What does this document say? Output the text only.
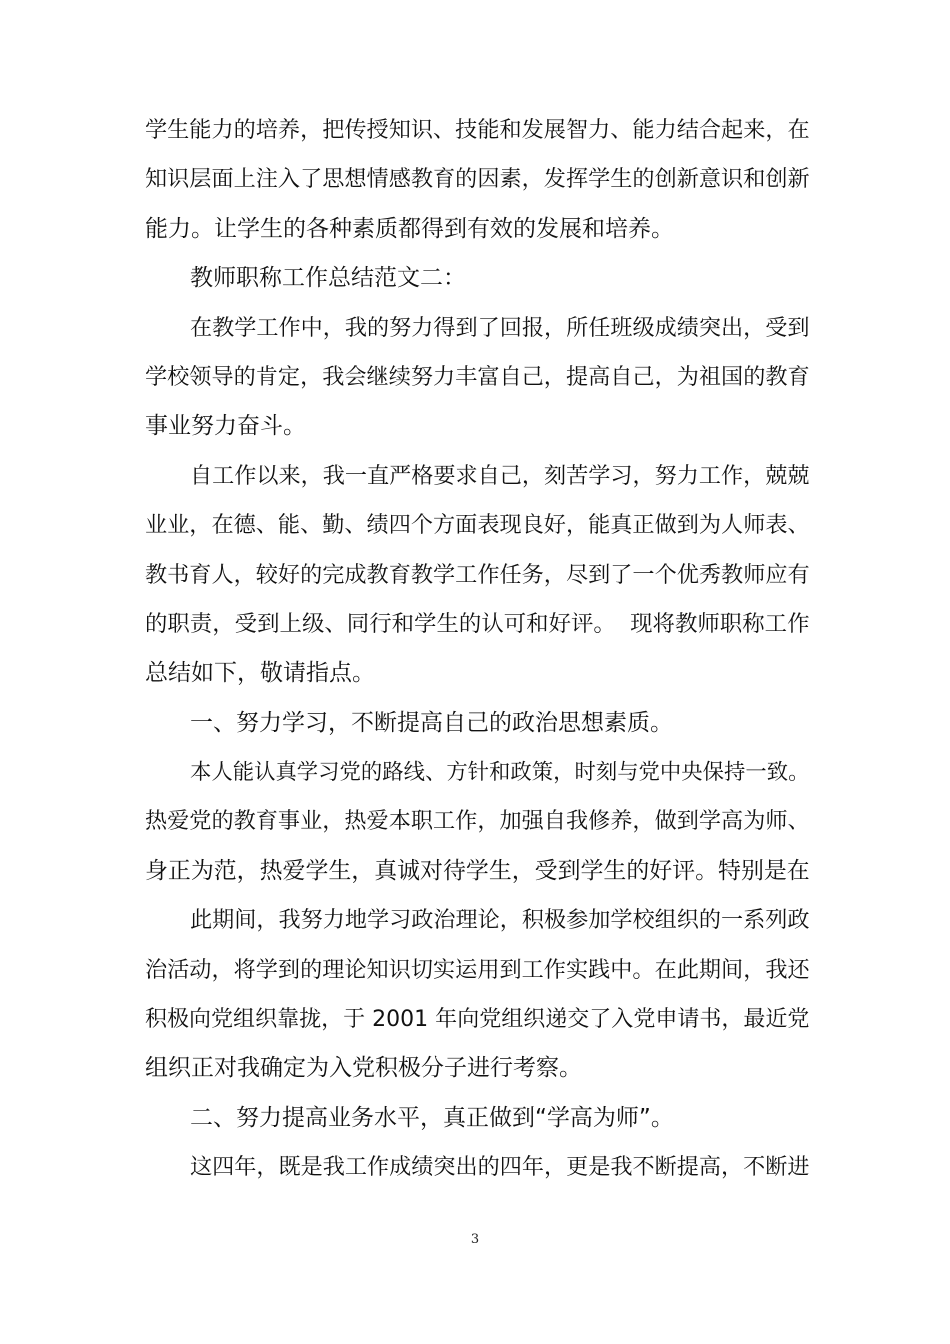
学生能力的培养，把传授知识、技能和发展智力、能力结合起来，在
知识层面上注入了思想情感教育的因素，发挥学生的创新意识和创新
能力。让学生的各种素质都得到有效的发展和培养。
教师职称工作总结范文二：
在教学工作中，我的努力得到了回报，所任班级成绩突出，受到
学校领导的肯定，我会继续努力丰富自己，提高自己，为祖国的教育
事业努力奋斗。
自工作以来，我一直严格要求自己，刻苦学习，努力工作，兢兢
业业，在德、能、勤、绩四个方面表现良好，能真正做到为人师表、
教书育人，较好的完成教育教学工作任务，尽到了一个优秀教师应有
的职责，受到上级、同行和学生的认可和好评。  现将教师职称工作
总结如下，敬请指点。
一、努力学习，不断提高自己的政治思想素质。
本人能认真学习党的路线、方针和政策，时刻与党中央保持一致。
热爱党的教育事业，热爱本职工作，加强自我修养，做到学高为师、
身正为范，热爱学生，真诚对待学生，受到学生的好评。特别是在
此期间，我努力地学习政治理论，积极参加学校组织的一系列政
治活动，将学到的理论知识切实运用到工作实践中。在此期间，我还
积极向党组织靠拢，于 2001 年向党组织递交了入党申请书，最近党
组织正对我确定为入党积极分子进行考察。
二、努力提高业务水平，真正做到“学高为师”。
这四年，既是我工作成绩突出的四年，更是我不断提高，不断进
3
